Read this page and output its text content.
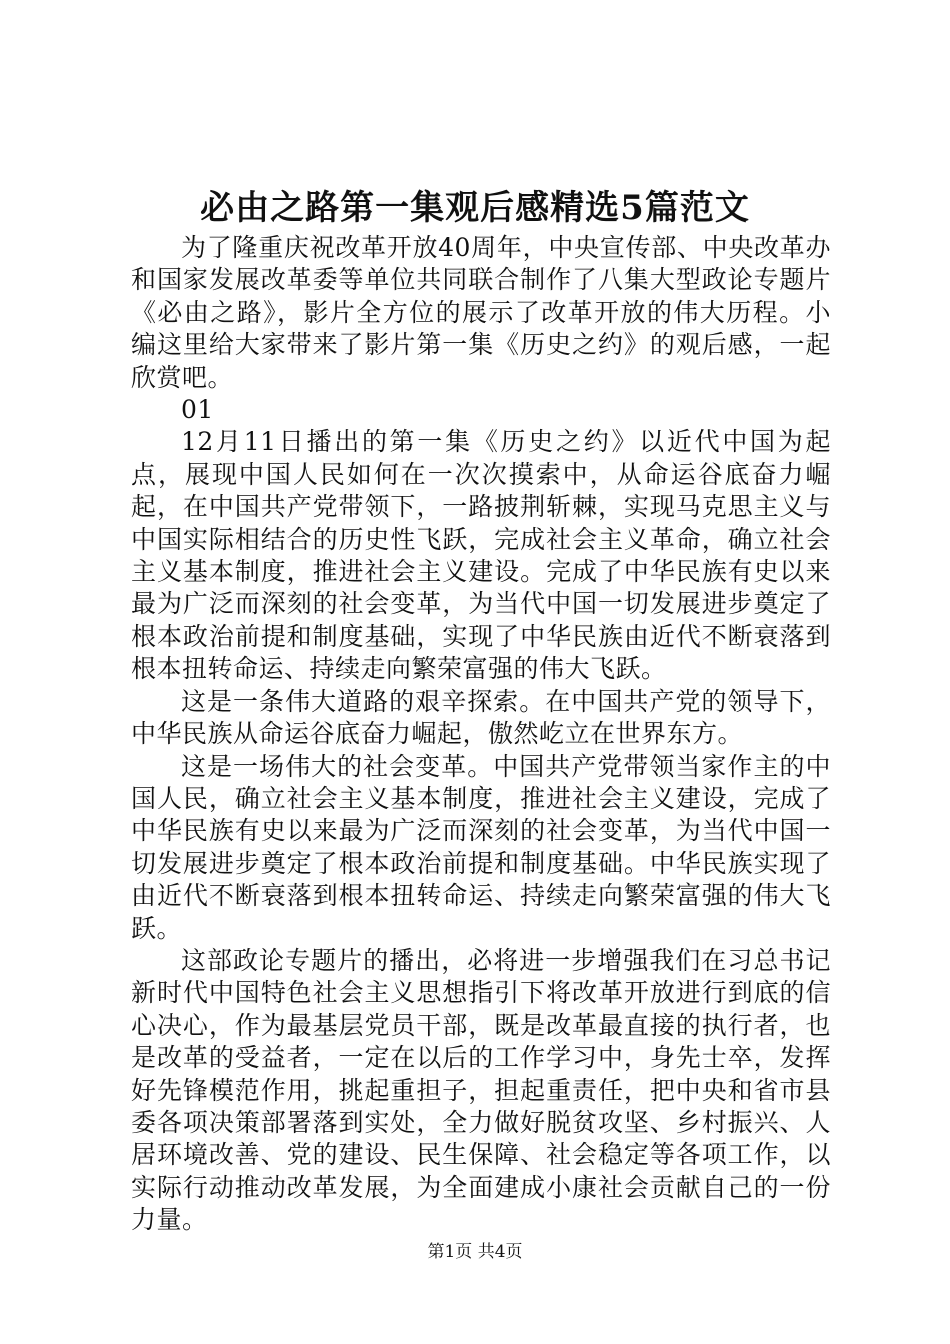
必由之路第一集观后感精选5篇范文

为了隆重庆祝改革开放40周年，中央宣传部、中央改革办和国家发展改革委等单位共同联合制作了八集大型政论专题片《必由之路》，影片全方位的展示了改革开放的伟大历程。小编这里给大家带来了影片第一集《历史之约》的观后感，一起欣赏吧。

01

12月11日播出的第一集《历史之约》以近代中国为起点，展现中国人民如何在一次次摸索中，从命运谷底奋力崛起，在中国共产党带领下，一路披荆斩棘，实现马克思主义与中国实际相结合的历史性飞跃，完成社会主义革命，确立社会主义基本制度，推进社会主义建设。完成了中华民族有史以来最为广泛而深刻的社会变革，为当代中国一切发展进步奠定了根本政治前提和制度基础，实现了中华民族由近代不断衰落到根本扭转命运、持续走向繁荣富强的伟大飞跃。

这是一条伟大道路的艰辛探索。在中国共产党的领导下，中华民族从命运谷底奋力崛起，傲然屹立在世界东方。

这是一场伟大的社会变革。中国共产党带领当家作主的中国人民，确立社会主义基本制度，推进社会主义建设，完成了中华民族有史以来最为广泛而深刻的社会变革，为当代中国一切发展进步奠定了根本政治前提和制度基础。中华民族实现了由近代不断衰落到根本扭转命运、持续走向繁荣富强的伟大飞跃。

这部政论专题片的播出，必将进一步增强我们在习总书记新时代中国特色社会主义思想指引下将改革开放进行到底的信心决心，作为最基层党员干部，既是改革最直接的执行者，也是改革的受益者，一定在以后的工作学习中，身先士卒，发挥好先锋模范作用，挑起重担子，担起重责任，把中央和省市县委各项决策部署落到实处，全力做好脱贫攻坚、乡村振兴、人居环境改善、党的建设、民生保障、社会稳定等各项工作，以实际行动推动改革发展，为全面建成小康社会贡献自己的一份力量。

第1页 共4页
